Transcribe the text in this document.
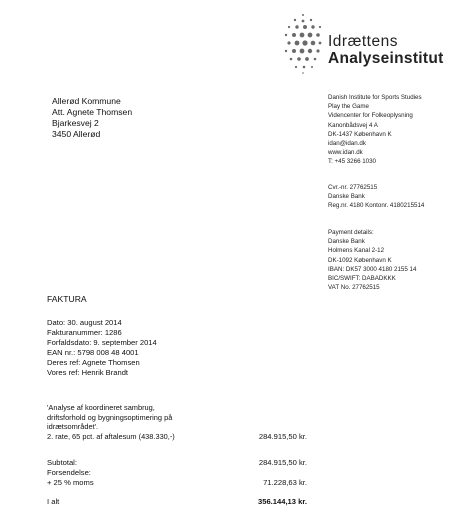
Idrættens
Analyseinstitut
Danish Institute for Sports Studies
Play the Game
Videncenter for Folkeoplysning
Kanonbådsvej 4 A
DK-1437 København K
idan@idan.dk
www.idan.dk
T: +45 3266 1030
Cvr.-nr. 27762515
Danske Bank
Reg.nr. 4180 Kontonr. 4180215514
Payment details:
Danske Bank
Holmens Kanal 2-12
DK-1092 København K
IBAN: DK57 3000 4180 2155 14
BIC/SWIFT: DABADKKK
VAT No. 27762515
Allerød Kommune
Att. Agnete Thomsen
Bjarkesvej 2
3450 Allerød
FAKTURA
Dato: 30. august 2014
Fakturanummer: 1286
Forfaldsdato: 9. september 2014
EAN nr.: 5798 008 48 4001
Deres ref: Agnete Thomsen
Vores ref: Henrik Brandt
'Analyse af koordineret sambrug,
driftsforhold og bygningsoptimering på
idrætsområdet'.
2. rate, 65 pct. af aftalesum (438.330,-)	284.915,50 kr.
Subtotal:	284.915,50 kr.
Forsendelse:
+ 25 % moms	71.228,63 kr.
I alt	356.144,13 kr.
